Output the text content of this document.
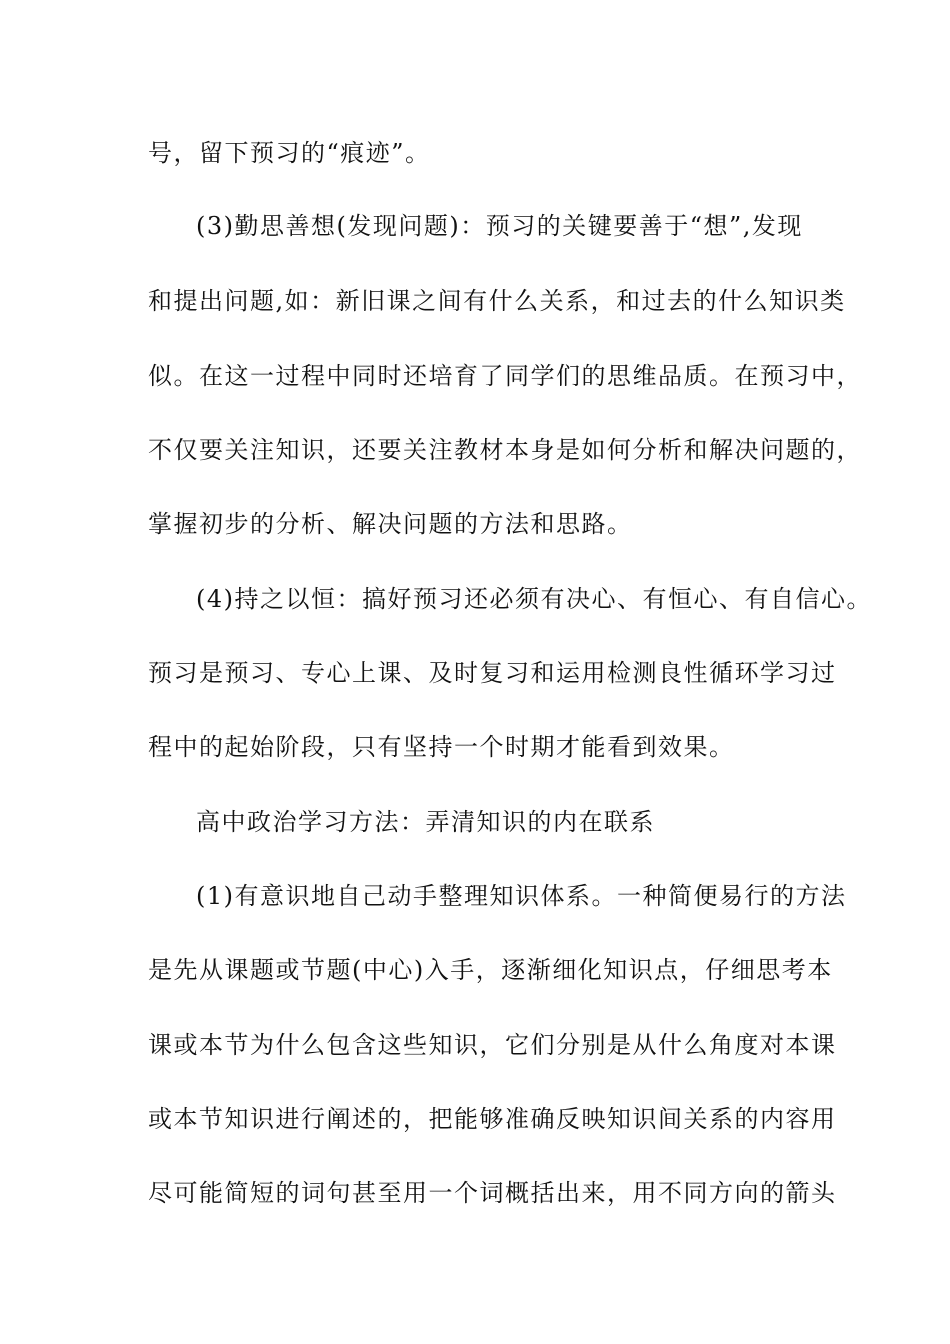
号，留下预习的“痕迹”。
(3)勤思善想(发现问题)：预习的关键要善于“想”,发现
和提出问题,如：新旧课之间有什么关系，和过去的什么知识类
似。在这一过程中同时还培育了同学们的思维品质。在预习中，
不仅要关注知识，还要关注教材本身是如何分析和解决问题的，
掌握初步的分析、解决问题的方法和思路。
(4)持之以恒：搞好预习还必须有决心、有恒心、有自信心。
预习是预习、专心上课、及时复习和运用检测良性循环学习过
程中的起始阶段，只有坚持一个时期才能看到效果。
高中政治学习方法：弄清知识的内在联系
(1)有意识地自己动手整理知识体系。一种简便易行的方法
是先从课题或节题(中心)入手，逐渐细化知识点，仔细思考本
课或本节为什么包含这些知识，它们分别是从什么角度对本课
或本节知识进行阐述的，把能够准确反映知识间关系的内容用
尽可能简短的词句甚至用一个词概括出来，用不同方向的箭头
